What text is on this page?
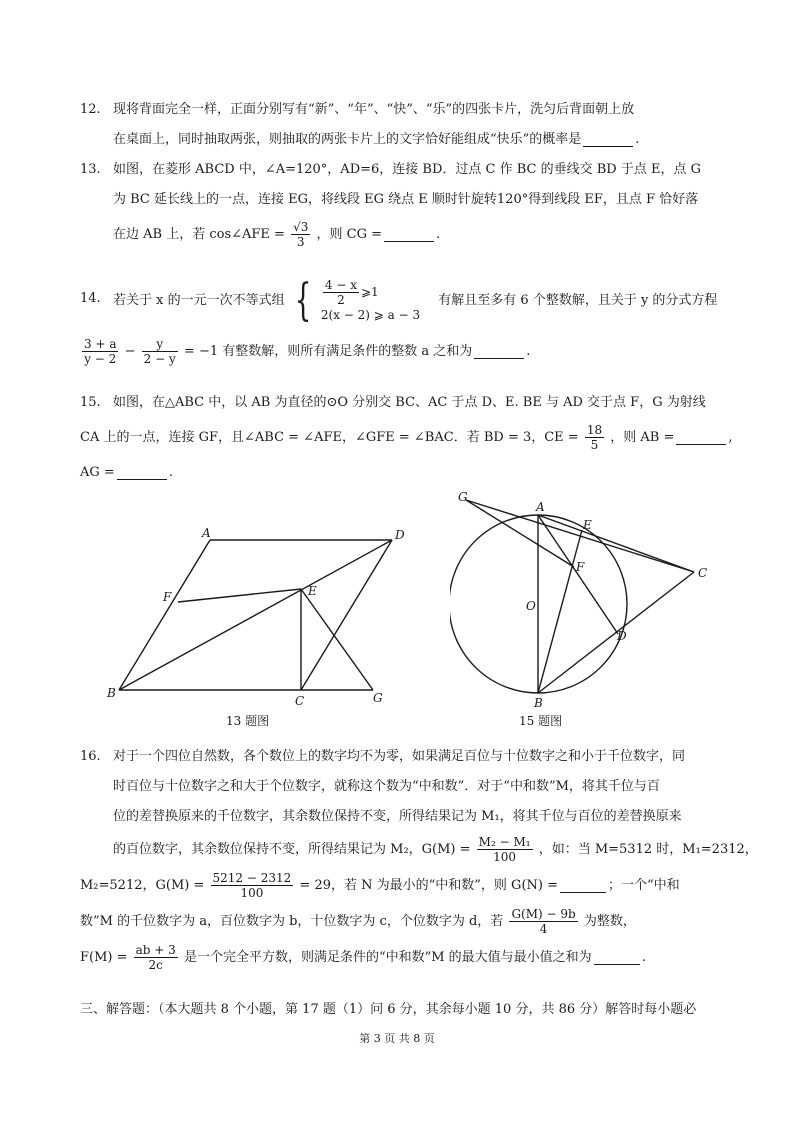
12. 现将背面完全一样，正面分别写有“新”、“年”、“快”、“乐”的四张卡片，洗匀后背面朝上放
在桌面上，同时抽取两张，则抽取的两张卡片上的文字恰好能组成“快乐”的概率是	.
13. 如图，在菱形 ABCD 中，∠A=120°，AD=6，连接 BD．过点 C 作 BC 的垂线交 BD 于点 E，点 G
为 BC 延长线上的一点，连接 EG，将线段 EG 绕点 E 顺时针旋转120°得到线段 EF，且点 F 恰好落
在边 AB 上，若 cos∠AFE = $\frac{√3}{3}$ ，则 CG =	.
14. 若关于 x 的一元一次不等式组 { $\frac{4 - x}{2}$ ⩾1
2(x − 2) ⩾ a − 3
有解且至多有 6 个整数解，且关于 y 的分式方程
$\frac{3 + a}{y - 2} - \frac{y}{2 - y} = -1$ 有整数解，则所有满足条件的整数 a 之和为	.
15. 如图，在△ABC 中，以 AB 为直径的⊙O 分别交 BC、AC 于点 D、E. BE 与 AD 交于点 F，G 为射线
CA 上的一点，连接 GF，且∠ABC = ∠AFE，∠GFE = ∠BAC．若 BD = 3，CE = $\frac{18}{5}$ ，则 AB =	,
AG =	.
A	D
F	E
B
C	G
13 题图
G
A
E
F	C
O
D
B
15 题图
16. 对于一个四位自然数，各个数位上的数字均不为零，如果满足百位与十位数字之和小于千位数字，同
时百位与十位数字之和大于个位数字，就称这个数为“中和数”．对于“中和数”M，将其千位与百
位的差替换原来的千位数字，其余数位保持不变，所得结果记为 M₁，将其千位与百位的差替换原来
的百位数字，其余数位保持不变，所得结果记为 M₂，$G(M) = \frac{\text{M₂ − M₁}}{100}$ ，如：当 M=5312 时，M₁=2312，
M₂=5212，$G(M) = \frac{5212 - 2312}{100} = 29$，若 N 为最小的“中和数”，则 G(N) =	；一个“中和
数”M 的千位数字为 a，百位数字为 b，十位数字为 c，个位数字为 d，若 $\frac{G(M) - 9b}{4}$ 为整数，
$F(M) = \frac{ab + 3}{2c}$ 是一个完全平方数，则满足条件的“中和数”M 的最大值与最小值之和为	.
三、解答题：（本大题共 8 个小题，第 17 题（1）问 6 分，其余每小题 10 分，共 86 分）解答时每小题必
第 3 页 共 8 页
